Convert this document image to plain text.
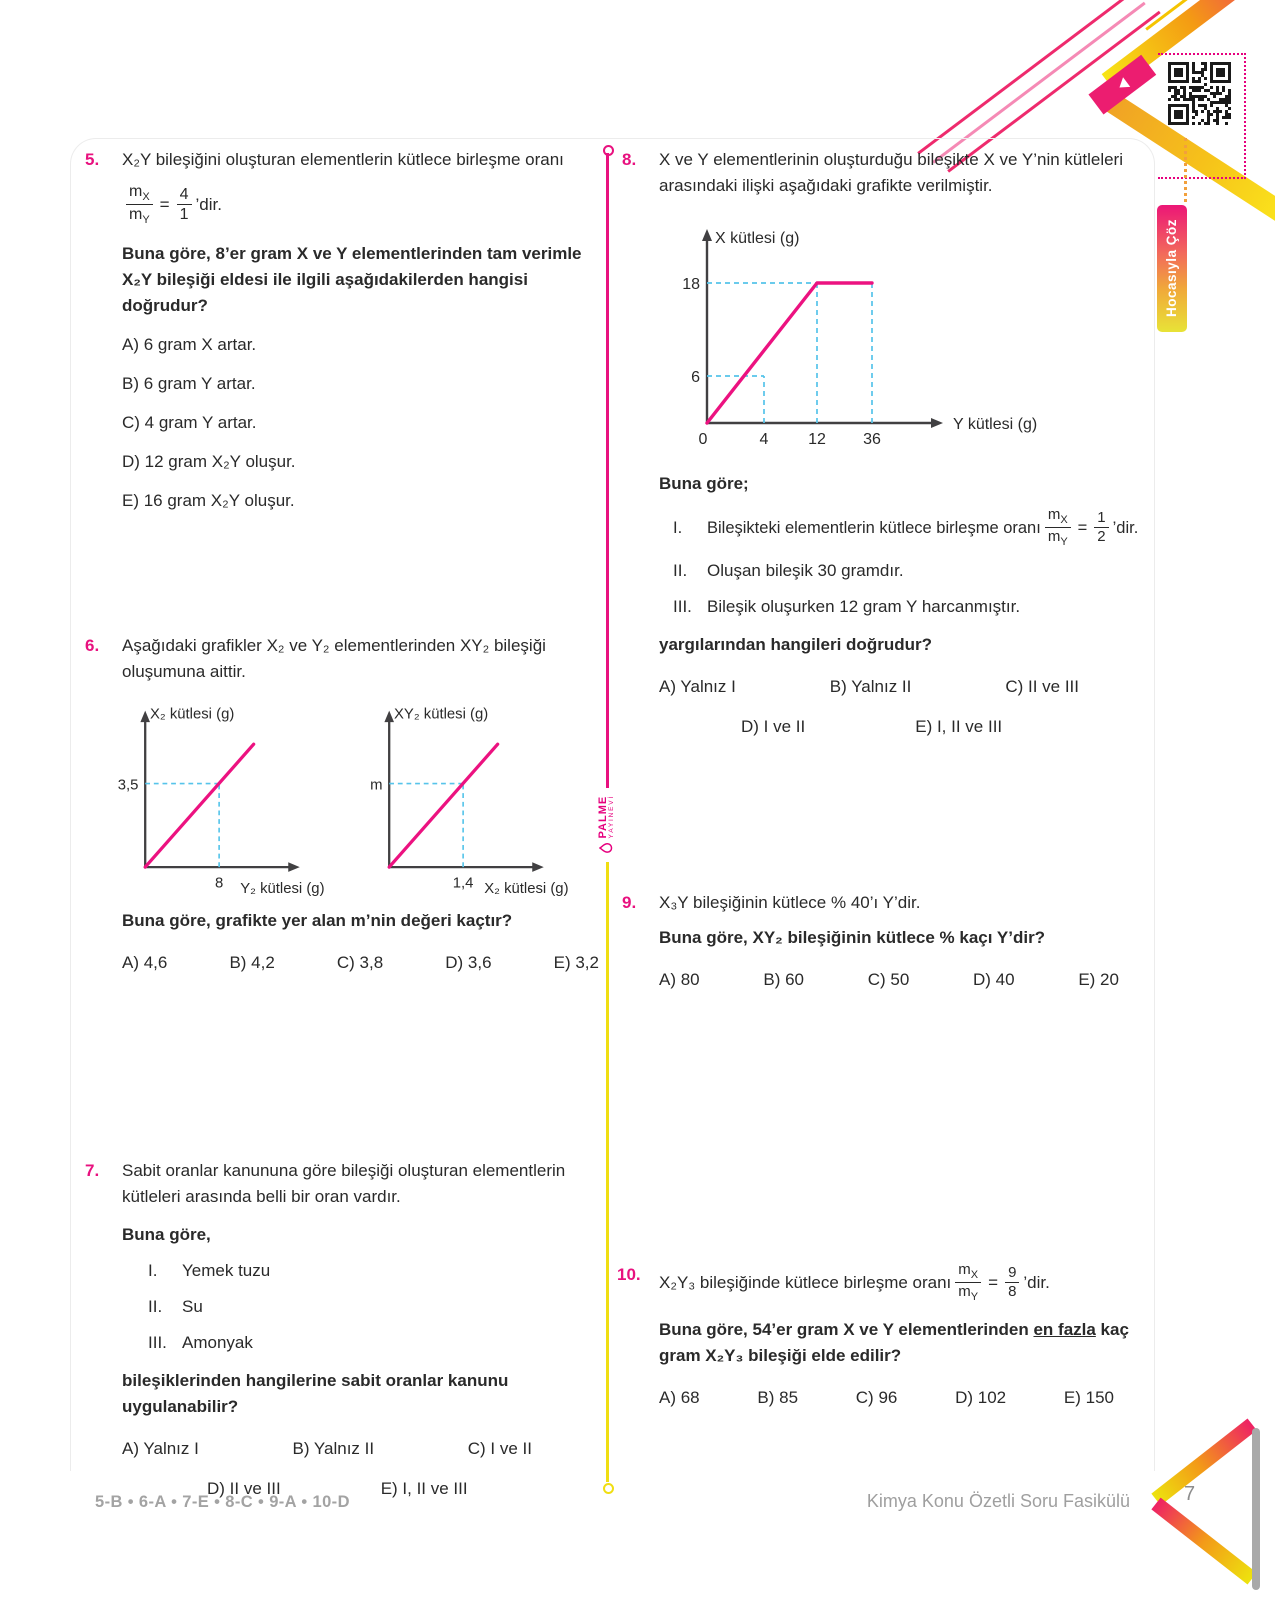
Hocasıyla Çöz
PALME YAYINEVİ
5.	X₂Y bileşiğini oluşturan elementlerin kütlece birleşme oranı

$\frac{m_X}{m_Y} = \frac{4}{1}$ ’dir.

Buna göre, 8’er gram X ve Y elementlerinden tam verimle X₂Y bileşiği eldesi ile ilgili aşağıdakilerden hangisi doğrudur?

A) 6 gram X artar.
B) 6 gram Y artar.
C) 4 gram Y artar.
D) 12 gram X₂Y oluşur.
E) 16 gram X₂Y oluşur.
6.	Aşağıdaki grafikler X₂ ve Y₂ elementlerinden XY₂ bileşiği oluşumuna aittir.

X₂ kütlesi (g)
3,5
8 Y₂ kütlesi (g)
XY₂ kütlesi (g)
m
1,4 X₂ kütlesi (g)

Buna göre, grafikte yer alan m’nin değeri kaçtır?

A) 4,6	B) 4,2	C) 3,8	D) 3,6	E) 3,2
7.	Sabit oranlar kanununa göre bileşiği oluşturan elementlerin kütleleri arasında belli bir oran vardır.

Buna göre,

I.	Yemek tuzu
II.	Su
III. Amonyak

bileşiklerinden hangilerine sabit oranlar kanunu uygulanabilir?

A) Yalnız I	B) Yalnız II	C) I ve II
D) II ve III	E) I, II ve III
8.	X ve Y elementlerinin oluşturduğu bileşikte X ve Y’nin kütleleri arasındaki ilişki aşağıdaki grafikte verilmiştir.

X kütlesi (g)
18
6
0	4 12 36
Y kütlesi (g)

Buna göre;

I.	Bileşikteki elementlerin kütlece birleşme oranı $\frac{m_X}{m_Y} = \frac{1}{2}$ ’dir.
II.	Oluşan bileşik 30 gramdır.
III. Bileşik oluşurken 12 gram Y harcanmıştır.

yargılarından hangileri doğrudur?

A) Yalnız I	B) Yalnız II	C) II ve III
D) I ve II	E) I, II ve III
9.	X₃Y bileşiğinin kütlece % 40’ı Y’dir.

Buna göre, XY₂ bileşiğinin kütlece % kaçı Y’dir?

A) 80	B) 60	C) 50	D) 40	E) 20
10.	X₂Y₃ bileşiğinde kütlece birleşme oranı $\frac{m_X}{m_Y} = \frac{9}{8}$ ’dir.

Buna göre, 54’er gram X ve Y elementlerinden en fazla kaç gram X₂Y₃ bileşiği elde edilir?

A) 68	B) 85	C) 96	D) 102	E) 150
5-B • 6-A • 7-E • 8-C • 9-A • 10-D	Kimya Konu Özetli Soru Fasikülü	7
